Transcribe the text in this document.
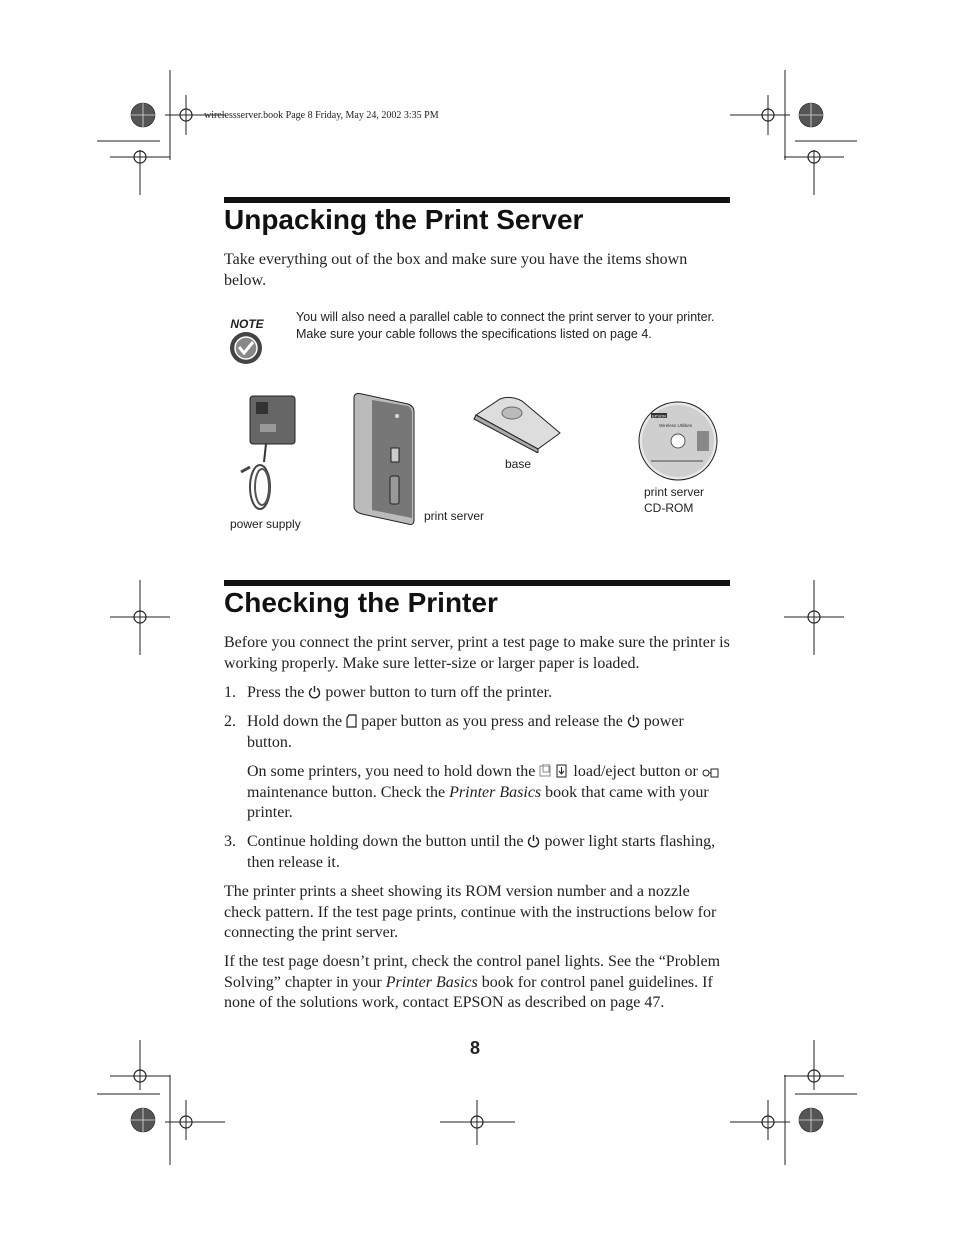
wirelessserver.book Page 8 Friday, May 24, 2002 3:35 PM
Unpacking the Print Server

Take everything out of the box and make sure you have the items shown below.

NOTE	You will also need a parallel cable to connect the print server to your printer. Make sure your cable follows the specifications listed on page 4.
power supply
print server
base
EPSON
Wireless Utilities
print server
CD-ROM
Checking the Printer

Before you connect the print server, print a test page to make sure the printer is working properly. Make sure letter-size or larger paper is loaded.

1. Press the power button to turn off the printer.
2. Hold down the paper button as you press and release the power button.
On some printers, you need to hold down the load/eject button or  maintenance button. Check the Printer Basics book that came with your printer.
3. Continue holding down the button until the power light starts flashing, then release it.

The printer prints a sheet showing its ROM version number and a nozzle check pattern. If the test page prints, continue with the instructions below for connecting the print server.

If the test page doesn’t print, check the control panel lights. See the “Problem Solving” chapter in your Printer Basics book for control panel guidelines. If none of the solutions work, contact EPSON as described on page 47.

8
